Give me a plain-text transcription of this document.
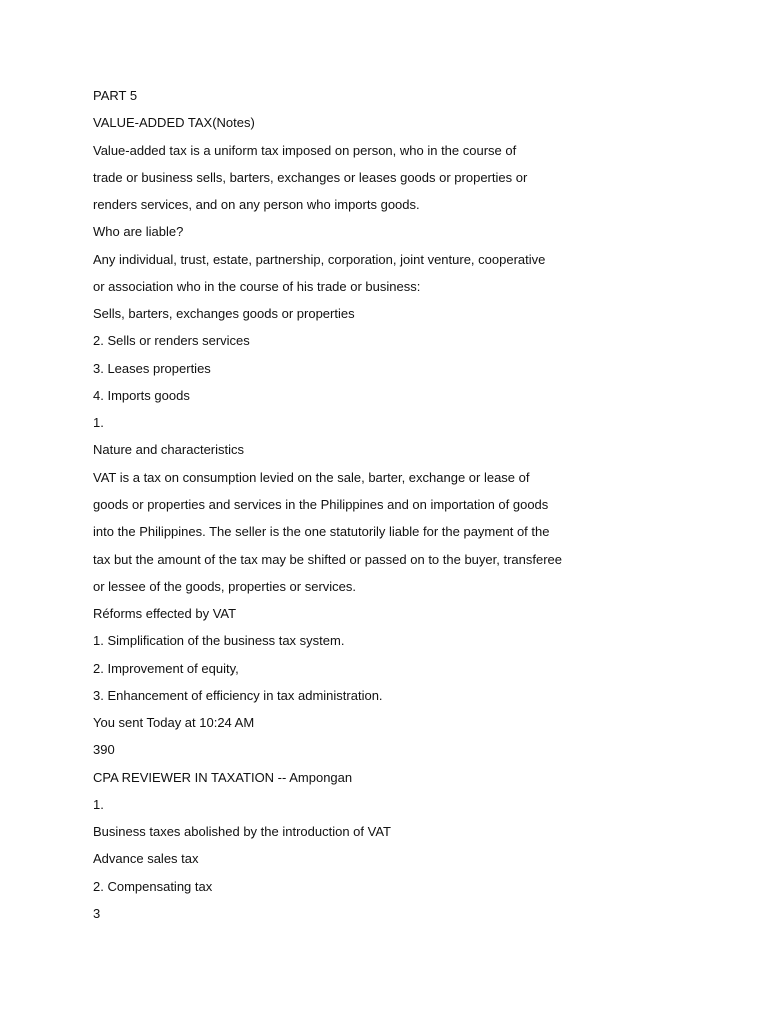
PART 5
VALUE-ADDED TAX(Notes)
Value-added tax is a uniform tax imposed on person, who in the course of
trade or business sells, barters, exchanges or leases goods or properties or
renders services, and on any person who imports goods.
Who are liable?
Any individual, trust, estate, partnership, corporation, joint venture, cooperative
or association who in the course of his trade or business:
Sells, barters, exchanges goods or properties
2. Sells or renders services
3. Leases properties
4. Imports goods
1.
Nature and characteristics
VAT is a tax on consumption levied on the sale, barter, exchange or lease of
goods or properties and services in the Philippines and on importation of goods
into the Philippines. The seller is the one statutorily liable for the payment of the
tax but the amount of the tax may be shifted or passed on to the buyer, transferee
or lessee of the goods, properties or services.
Réforms effected by VAT
1. Simplification of the business tax system.
2. Improvement of equity,
3. Enhancement of efficiency in tax administration.
You sent Today at 10:24 AM
390
CPA REVIEWER IN TAXATION -- Ampongan
1.
Business taxes abolished by the introduction of VAT
Advance sales tax
2. Compensating tax
3
